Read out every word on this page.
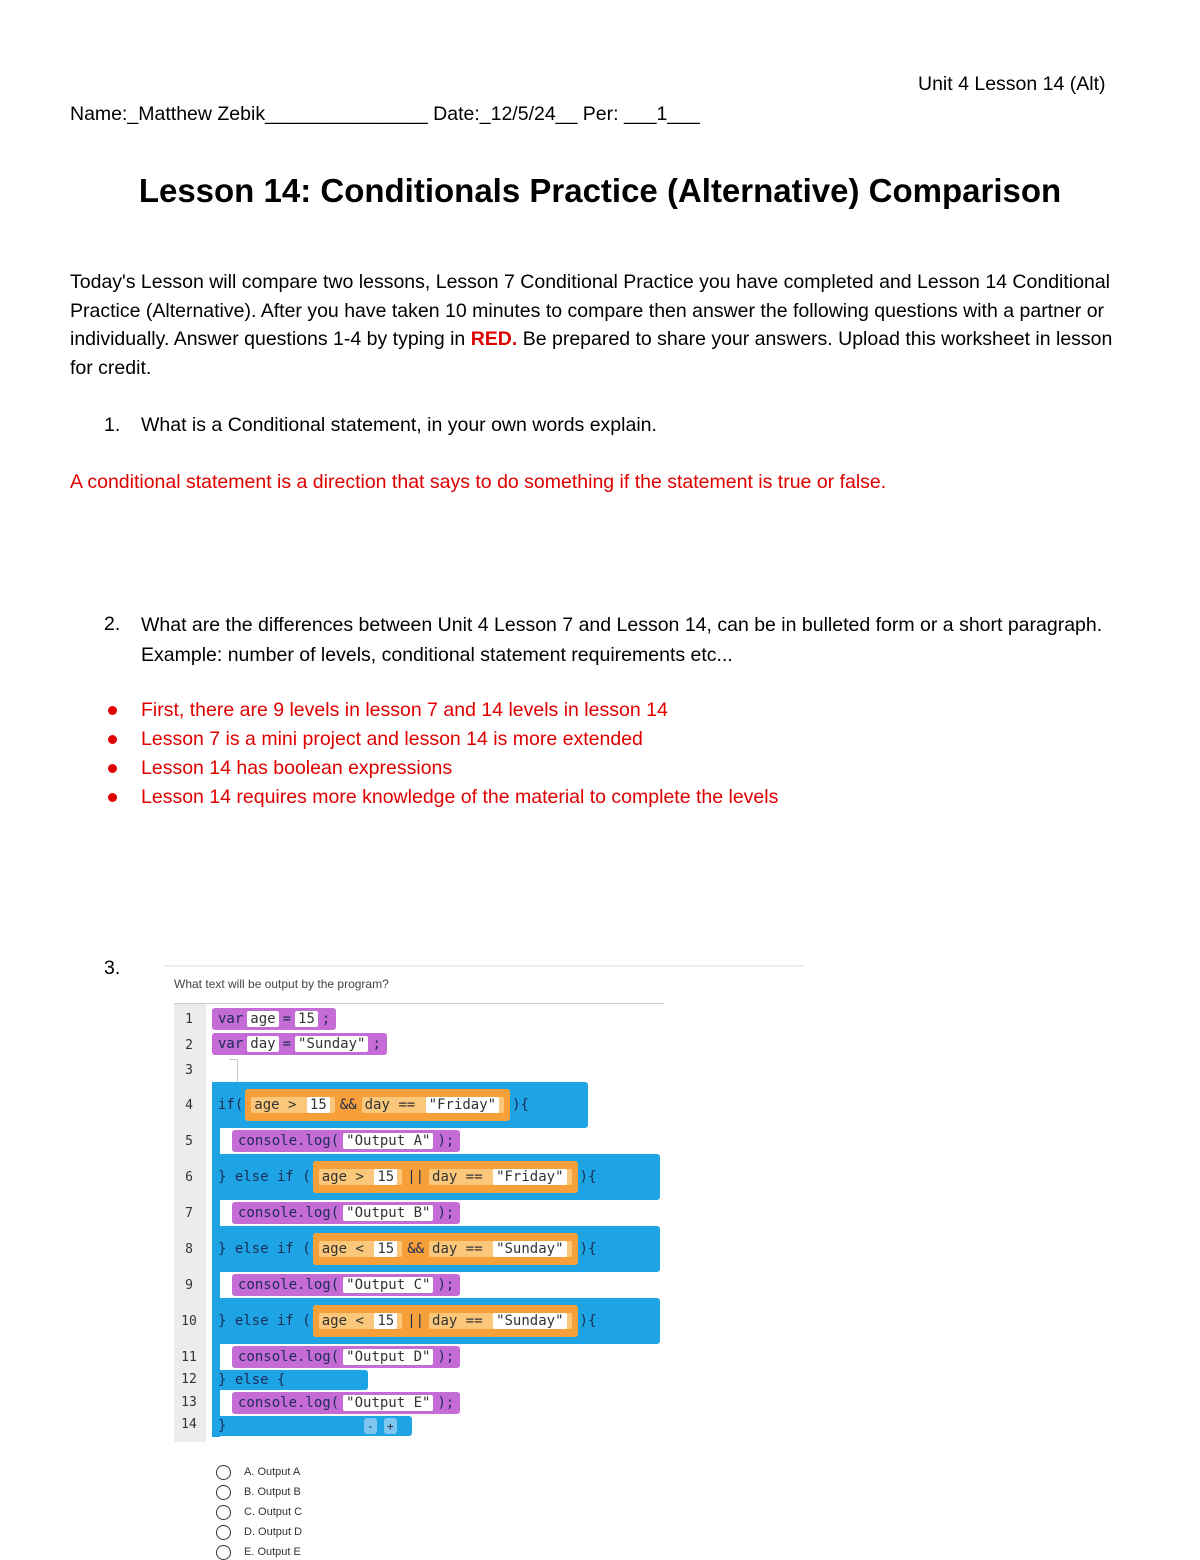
Unit 4 Lesson 14 (Alt)
Name:_Matthew Zebik_______________ Date:_12/5/24__ Per: ___1___
Lesson 14: Conditionals Practice (Alternative) Comparison
Today's Lesson will compare two lessons, Lesson 7 Conditional Practice you have completed and Lesson 14 Conditional Practice (Alternative). After you have taken 10 minutes to compare then answer the following questions with a partner or individually. Answer questions 1-4 by typing in RED. Be prepared to share your answers. Upload this worksheet in lesson for credit.
1. What is a Conditional statement, in your own words explain.
A conditional statement is a direction that says to do something if the statement is true or false.
2. What are the differences between Unit 4 Lesson 7 and Lesson 14, can be in bulleted form or a short paragraph. Example: number of levels, conditional statement requirements etc...
First, there are 9 levels in lesson 7 and 14 levels in lesson 14
Lesson 7 is a mini project and lesson 14 is more extended
Lesson 14 has boolean expressions
Lesson 14 requires more knowledge of the material to complete the levels
3.
What text will be output by the program?
1
2
3
4
5
6
7
8
9
10
11
12
13
14
var age = 15 ;
var day = "Sunday" ;
if( age > 15 && day == "Friday"	){
console.log( "Output A" );
} else if ( age > 15 || day == "Friday"	){
console.log( "Output B" );
} else if ( age < 15 && day == "Sunday"	){
console.log( "Output C" );
} else if ( age < 15 || day == "Sunday"	){
console.log( "Output D" );
} else {
console.log( "Output E" );
}	- +
A. Output A
B. Output B
C. Output C
D. Output D
E. Output E
